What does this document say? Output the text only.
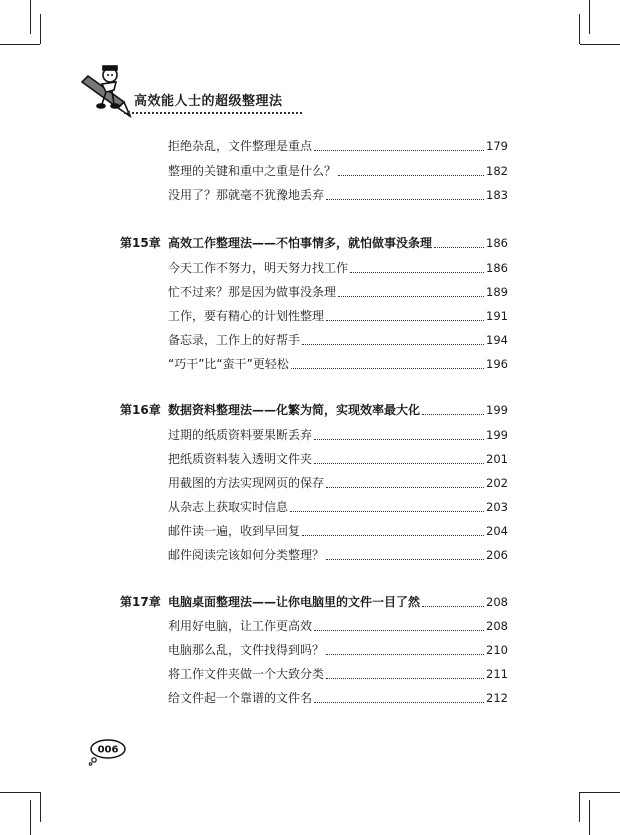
高效能人士的超级整理法
拒绝杂乱，文件整理是重点	179
整理的关键和重中之重是什么？	182
没用了？那就毫不犹豫地丢弃	183
第15章 高效工作整理法——不怕事情多，就怕做事没条理	186
今天工作不努力，明天努力找工作	186
忙不过来？那是因为做事没条理	189
工作，要有精心的计划性整理	191
备忘录，工作上的好帮手	194
“巧干”比“蛮干”更轻松	196
第16章 数据资料整理法——化繁为简，实现效率最大化	199
过期的纸质资料要果断丢弃	199
把纸质资料装入透明文件夹	201
用截图的方法实现网页的保存	202
从杂志上获取实时信息	203
邮件读一遍，收到早回复	204
邮件阅读完该如何分类整理？	206
第17章 电脑桌面整理法——让你电脑里的文件一目了然	208
利用好电脑，让工作更高效	208
电脑那么乱，文件找得到吗？	210
将工作文件夹做一个大致分类	211
给文件起一个靠谱的文件名	212
006
